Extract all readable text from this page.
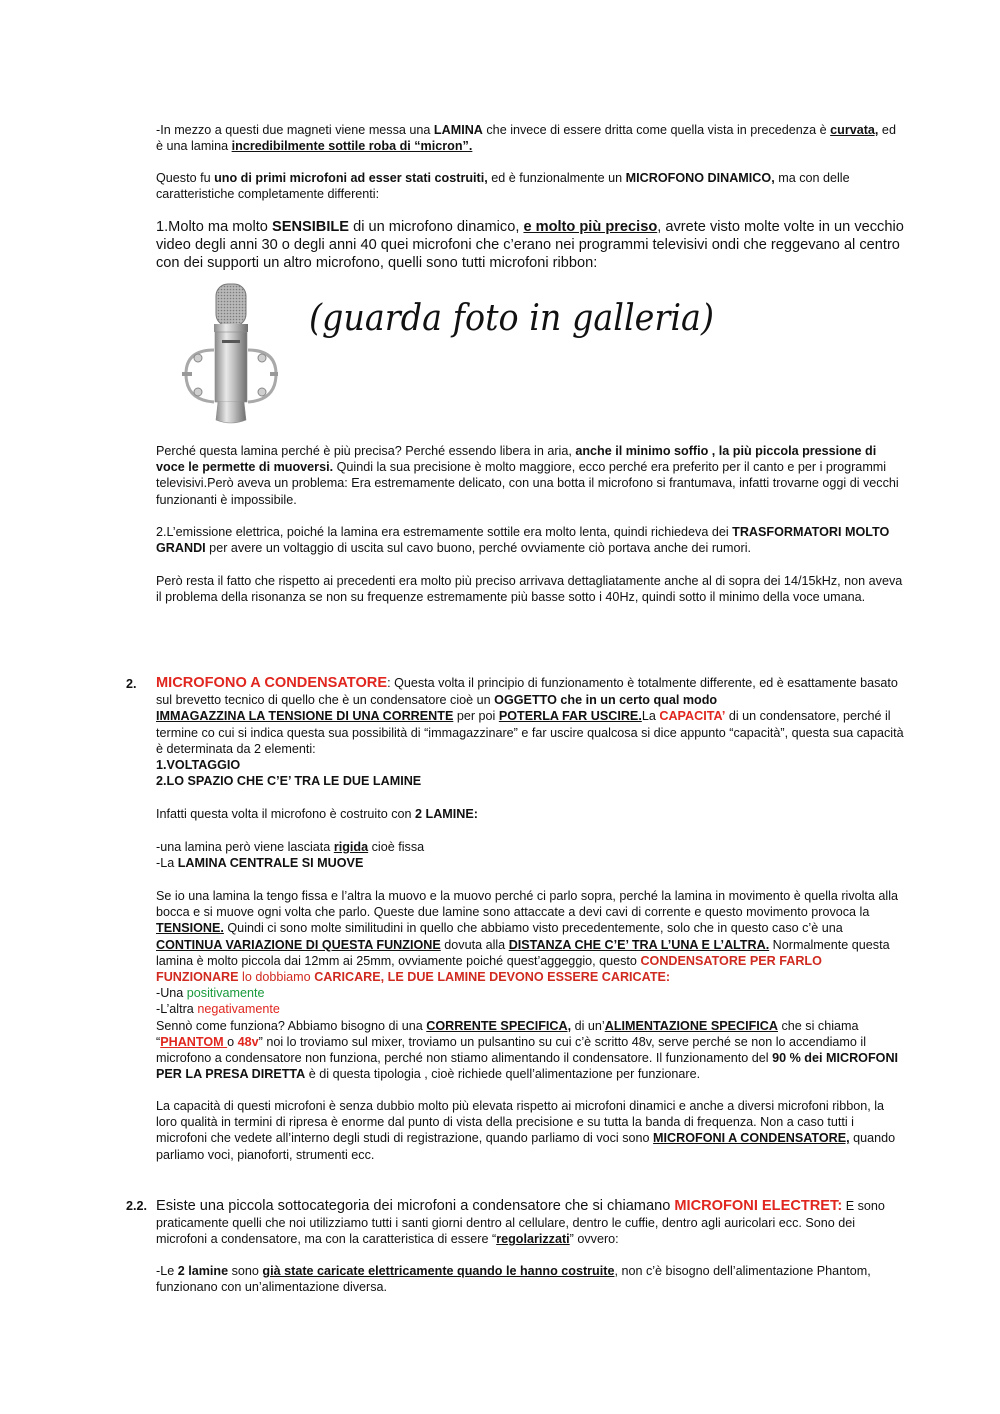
-In mezzo a questi due magneti viene messa una LAMINA che invece di essere dritta come quella vista in precedenza è curvata, ed è una lamina incredibilmente sottile roba di “micron”.

Questo fu uno di primi microfoni ad esser stati costruiti, ed è funzionalmente un MICROFONO DINAMICO, ma con delle caratteristiche completamente differenti:

1.Molto ma molto SENSIBILE di un microfono dinamico, e molto più preciso, avrete visto molte volte in un vecchio video degli anni 30 o degli anni 40 quei microfoni che c’erano nei programmi televisivi ondi che reggevano al centro con dei supporti un altro microfono, quelli sono tutti microfoni ribbon:

(guarda foto in galleria)

Perché questa lamina perché è più precisa? Perché essendo libera in aria, anche il minimo soffio , la più piccola pressione di voce le permette di muoversi. Quindi la sua precisione è molto maggiore, ecco perché era preferito per il canto e per i programmi televisivi.Però aveva un problema: Era estremamente delicato, con una botta il microfono si frantumava, infatti trovarne oggi di vecchi funzionanti è impossibile.

2.L’emissione elettrica, poiché la lamina era estremamente sottile era molto lenta, quindi richiedeva dei TRASFORMATORI MOLTO GRANDI per avere un voltaggio di uscita sul cavo buono, perché ovviamente ciò portava anche dei rumori.

Però resta il fatto che rispetto ai precedenti era molto più preciso arrivava dettagliatamente anche al di sopra dei 14/15kHz, non aveva il problema della risonanza se non su frequenze estremamente più basse sotto i 40Hz, quindi sotto il minimo della voce umana.

2. MICROFONO A CONDENSATORE: Questa volta il principio di funzionamento è totalmente differente, ed è esattamente basato sul brevetto tecnico di quello che è un condensatore cioè un OGGETTO che in un certo qual modo
IMMAGAZZINA LA TENSIONE DI UNA CORRENTE per poi POTERLA FAR USCIRE.La CAPACITA’ di un condensatore, perché il termine co cui si indica questa sua possibilità di “immagazzinare” e far uscire qualcosa si dice appunto “capacità”, questa sua capacità è determinata da 2 elementi:
1.VOLTAGGIO
2.LO SPAZIO CHE C’E’ TRA LE DUE LAMINE

Infatti questa volta il microfono è costruito con 2 LAMINE:

-una lamina però viene lasciata rigida cioè fissa
-La LAMINA CENTRALE SI MUOVE

Se io una lamina la tengo fissa e l’altra la muovo e la muovo perché ci parlo sopra, perché la lamina in movimento è quella rivolta alla bocca e si muove ogni volta che parlo. Queste due lamine sono attaccate a devi cavi di corrente e questo movimento provoca la TENSIONE. Quindi ci sono molte similitudini in quello che abbiamo visto precedentemente, solo che in questo caso c’è una CONTINUA VARIAZIONE DI QUESTA FUNZIONE dovuta alla DISTANZA CHE C’E’ TRA L’UNA E L’ALTRA. Normalmente questa lamina è molto piccola dai 12mm ai 25mm, ovviamente poiché quest’aggeggio, questo CONDENSATORE PER FARLO FUNZIONARE lo dobbiamo CARICARE, LE DUE LAMINE DEVONO ESSERE CARICATE:
-Una positivamente
-L’altra negativamente
Sennò come funziona? Abbiamo bisogno di una CORRENTE SPECIFICA, di un’ALIMENTAZIONE SPECIFICA che si chiama “PHANTOM o 48v” noi lo troviamo sul mixer, troviamo un pulsantino su cui c’è scritto 48v, serve perché se non lo accendiamo il microfono a condensatore non funziona, perché non stiamo alimentando il condensatore. Il funzionamento del 90 % dei MICROFONI PER LA PRESA DIRETTA è di questa tipologia , cioè richiede quell’alimentazione per funzionare.

La capacità di questi microfoni è senza dubbio molto più elevata rispetto ai microfoni dinamici e anche a diversi microfoni ribbon, la loro qualità in termini di ripresa è enorme dal punto di vista della precisione e su tutta la banda di frequenza. Non a caso tutti i microfoni che vedete all’interno degli studi di registrazione, quando parliamo di voci sono MICROFONI A CONDENSATORE, quando parliamo voci, pianoforti, strumenti ecc.

2.2. Esiste una piccola sottocategoria dei microfoni a condensatore che si chiamano MICROFONI ELECTRET: E sono praticamente quelli che noi utilizziamo tutti i santi giorni dentro al cellulare, dentro le cuffie, dentro agli auricolari ecc. Sono dei microfoni a condensatore, ma con la caratteristica di essere “regolarizzati” ovvero:

-Le 2 lamine sono già state caricate elettricamente quando le hanno costruite, non c’è bisogno dell’alimentazione Phantom, funzionano con un’alimentazione diversa.
